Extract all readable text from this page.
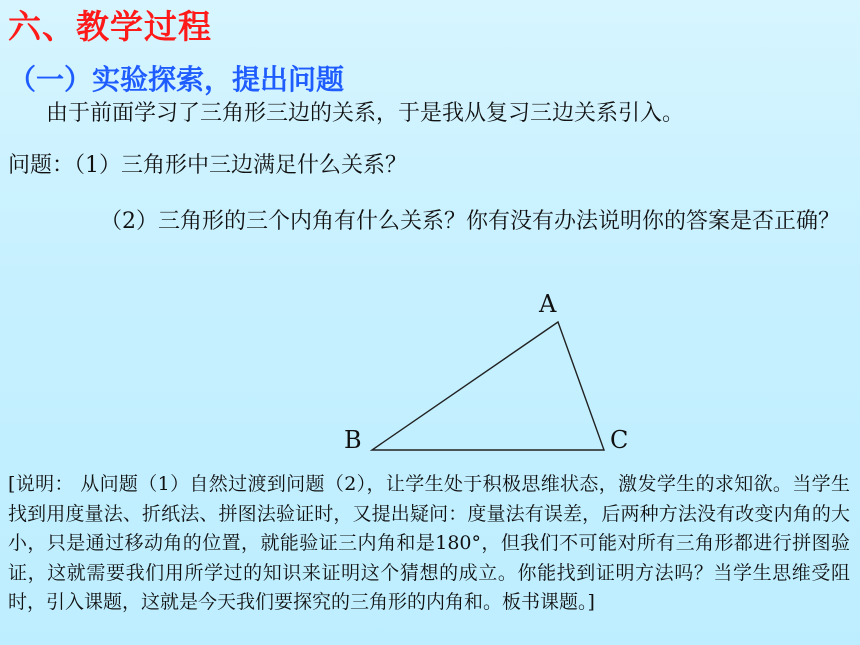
六、教学过程
（一）实验探索，提出问题
由于前面学习了三角形三边的关系，于是我从复习三边关系引入。
问题：（1）三角形中三边满足什么关系？
（2）三角形的三个内角有什么关系？你有没有办法说明你的答案是否正确？
A
B	C
[说明： 从问题（1）自然过渡到问题（2），让学生处于积极思维状态，激发学生的求知欲。当学生找到用度量法、折纸法、拼图法验证时，又提出疑问：度量法有误差，后两种方法没有改变内角的大小，只是通过移动角的位置，就能验证三内角和是180°，但我们不可能对所有三角形都进行拼图验证，这就需要我们用所学过的知识来证明这个猜想的成立。你能找到证明方法吗？当学生思维受阻时，引入课题，这就是今天我们要探究的三角形的内角和。板书课题。]
